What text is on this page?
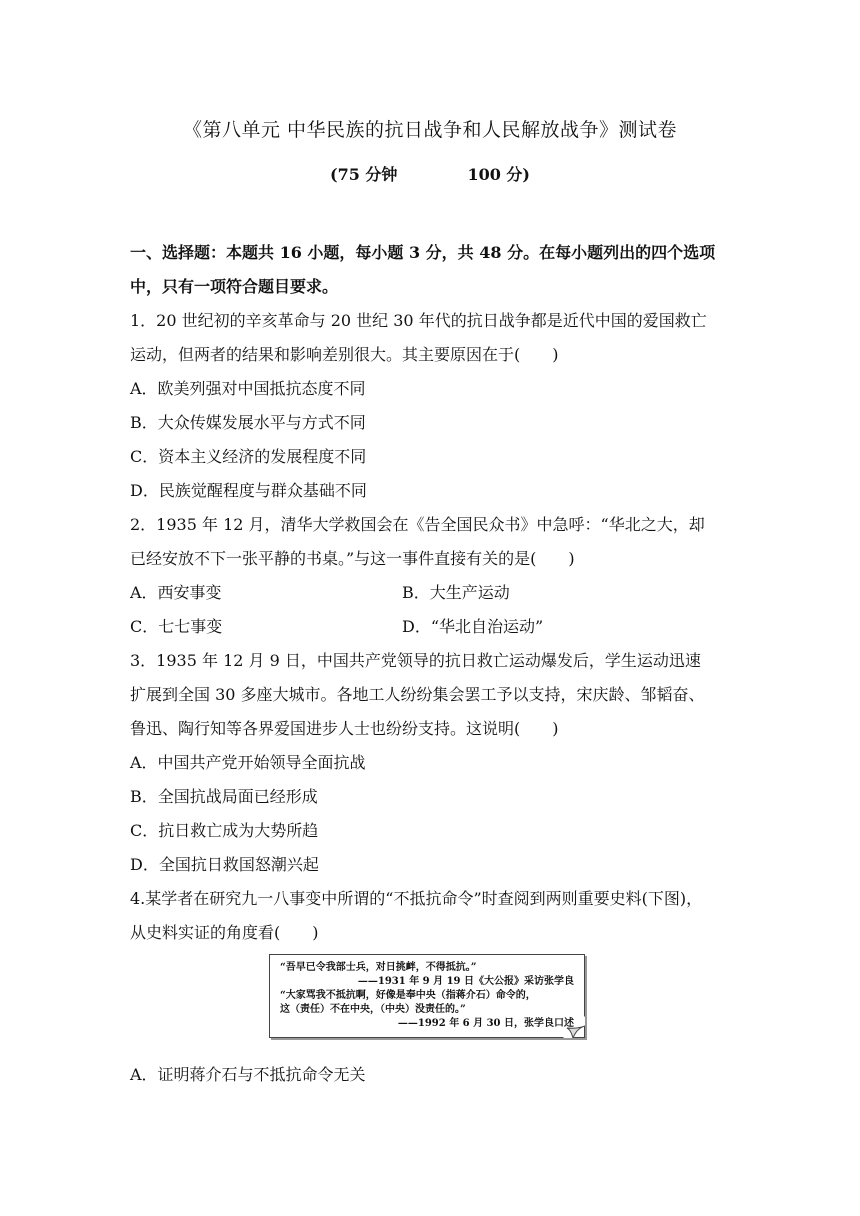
《第八单元 中华民族的抗日战争和人民解放战争》测试卷
(75 分钟	100 分)
一、选择题：本题共 16 小题，每小题 3 分，共 48 分。在每小题列出的四个选项
中，只有一项符合题目要求。
1．20 世纪初的辛亥革命与 20 世纪 30 年代的抗日战争都是近代中国的爱国救亡
运动，但两者的结果和影响差别很大。其主要原因在于(　　)
A．欧美列强对中国抵抗态度不同
B．大众传媒发展水平与方式不同
C．资本主义经济的发展程度不同
D．民族觉醒程度与群众基础不同
2．1935 年 12 月，清华大学救国会在《告全国民众书》中急呼：“华北之大，却
已经安放不下一张平静的书桌。”与这一事件直接有关的是(　　)
A．西安事变	B．大生产运动
C．七七事变	D．“华北自治运动”
3．1935 年 12 月 9 日，中国共产党领导的抗日救亡运动爆发后，学生运动迅速
扩展到全国 30 多座大城市。各地工人纷纷集会罢工予以支持，宋庆龄、邹韬奋、
鲁迅、陶行知等各界爱国进步人士也纷纷支持。这说明(　　)
A．中国共产党开始领导全面抗战
B．全国抗战局面已经形成
C．抗日救亡成为大势所趋
D．全国抗日救国怒潮兴起
4.某学者在研究九一八事变中所谓的“不抵抗命令”时查阅到两则重要史料(下图)，
从史料实证的角度看(　　)
“吾早已令我部士兵，对日挑衅，不得抵抗。”
——1931 年 9 月 19 日《大公报》采访张学良
“大家骂我不抵抗啊，好像是奉中央（指蒋介石）命令的，
这（责任）不在中央，（中央）没责任的。”
——1992 年 6 月 30 日，张学良口述
A．证明蒋介石与不抵抗命令无关
